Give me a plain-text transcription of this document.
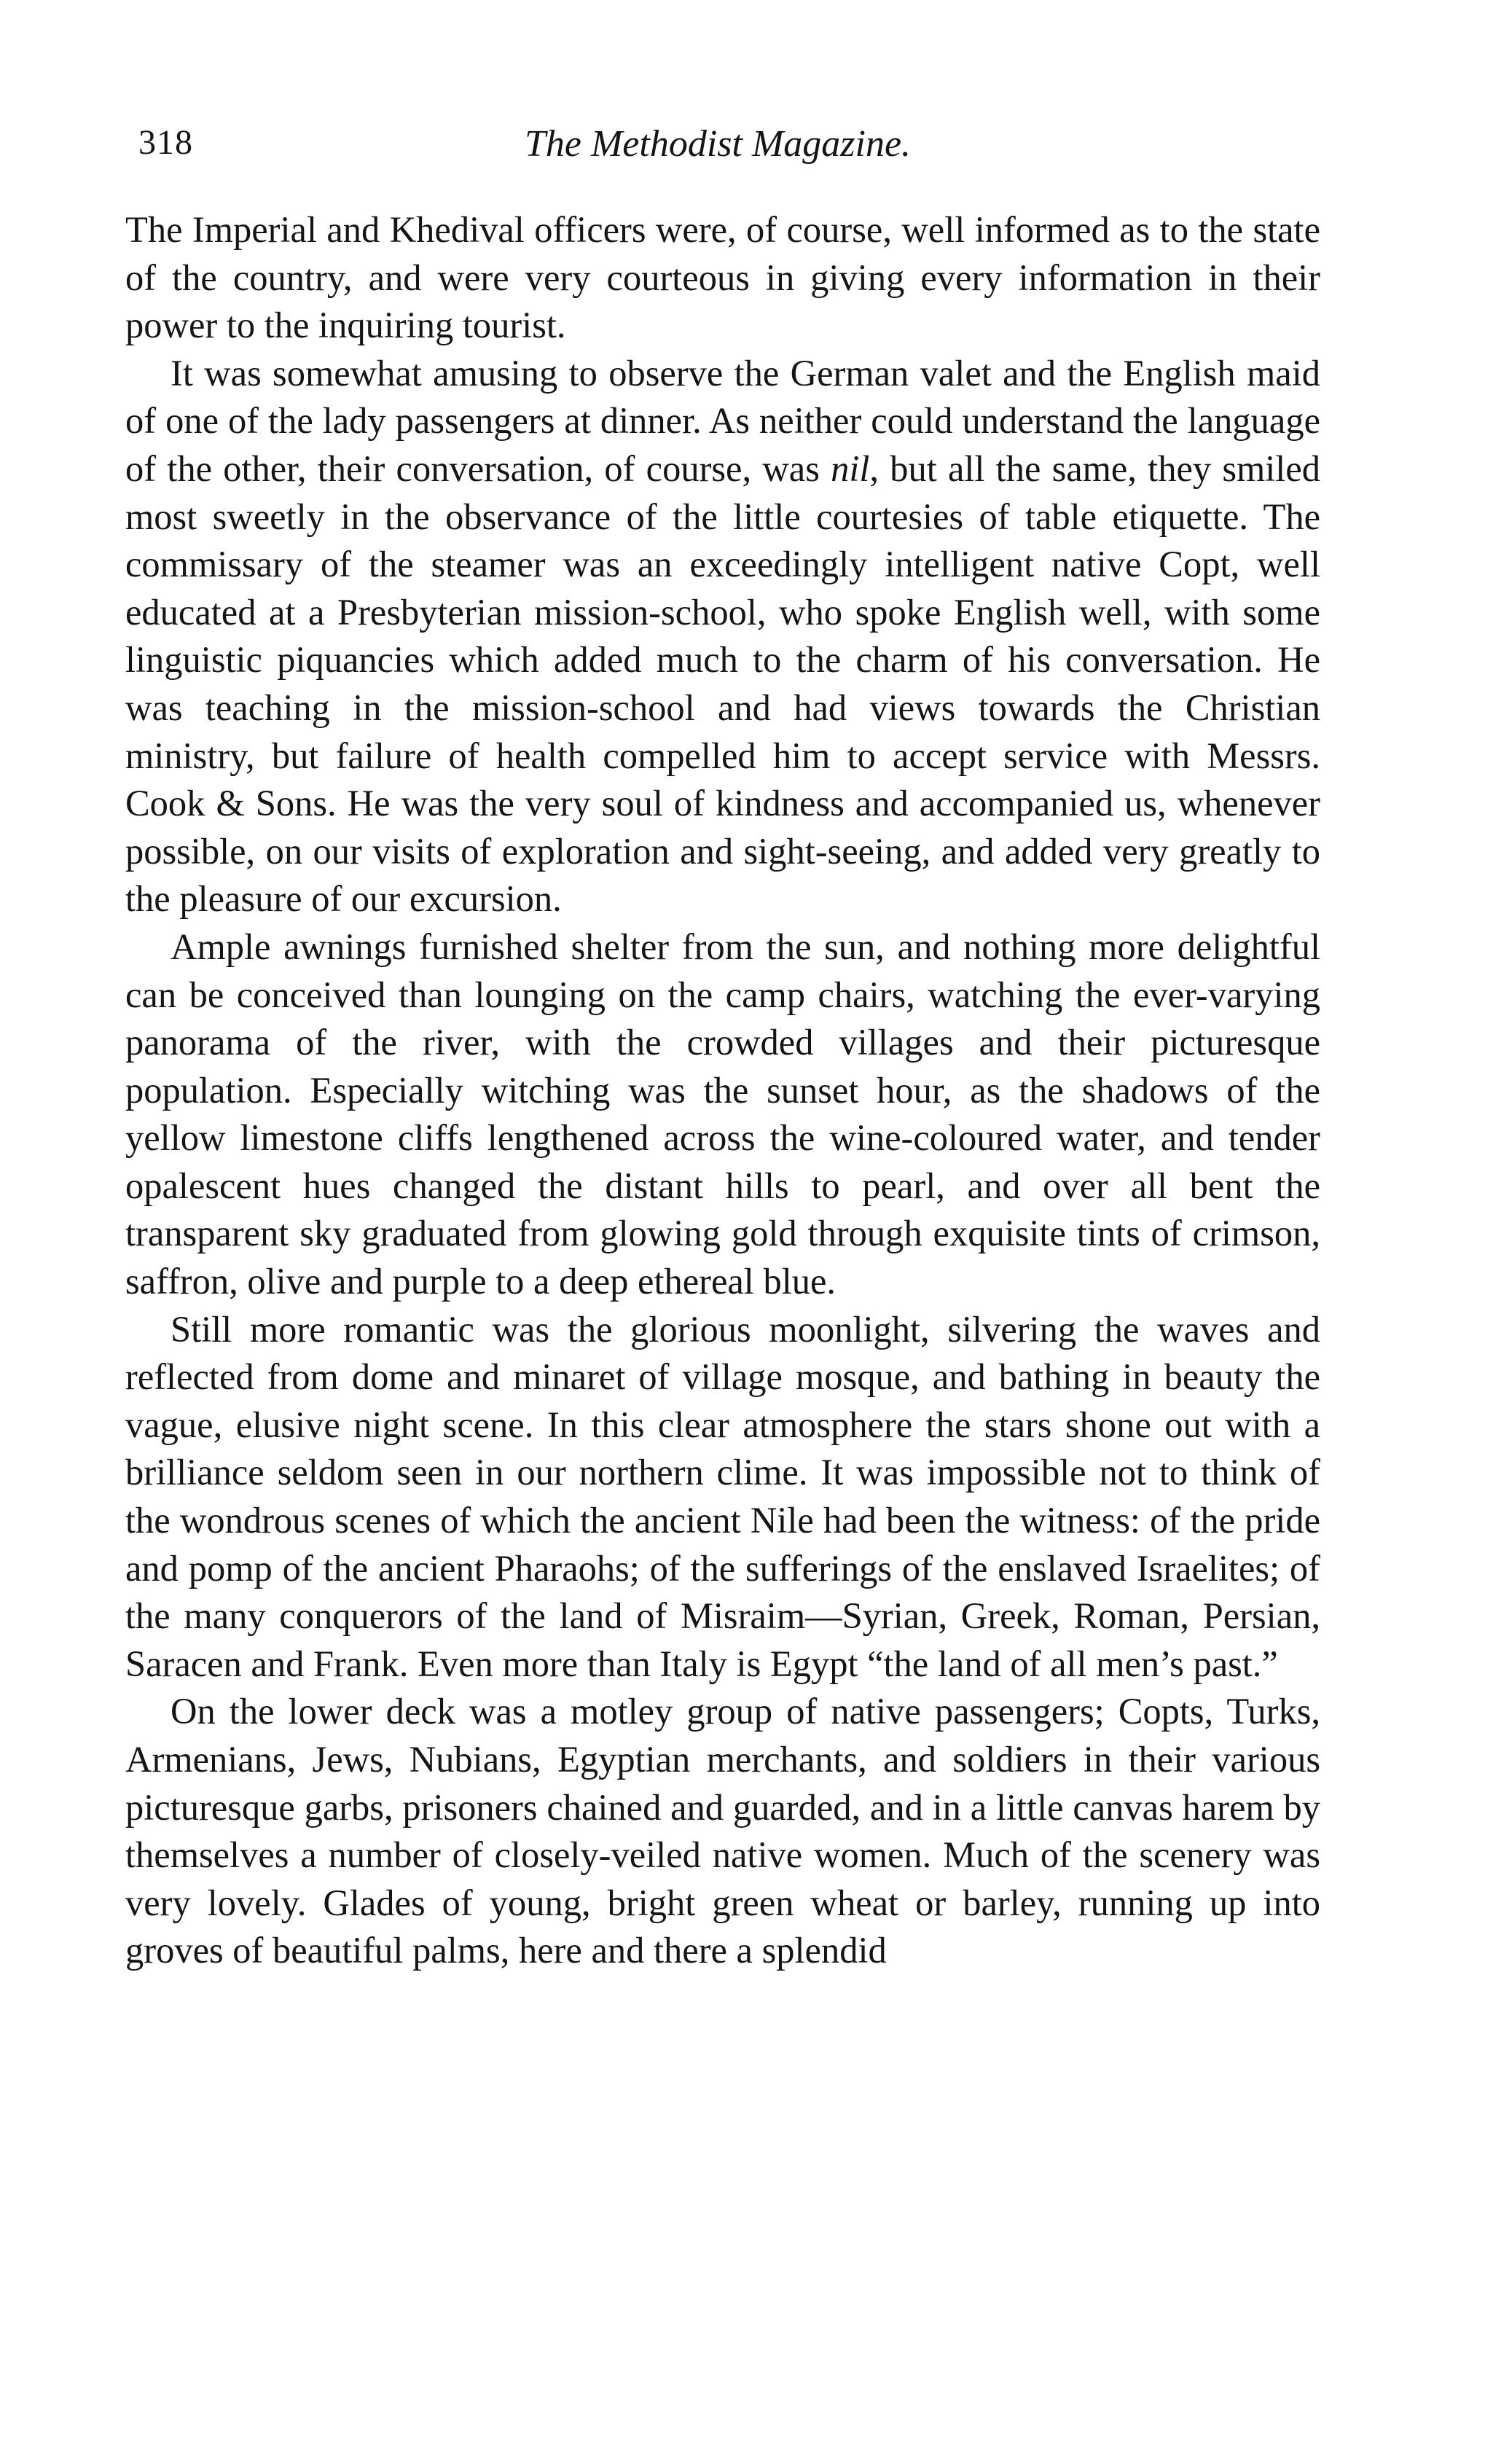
318	The Methodist Magazine.

The Imperial and Khedival officers were, of course, well informed as to the state of the country, and were very courteous in giving every information in their power to the inquiring tourist.

It was somewhat amusing to observe the German valet and the English maid of one of the lady passengers at dinner. As neither could understand the language of the other, their conversation, of course, was nil, but all the same, they smiled most sweetly in the observance of the little courtesies of table etiquette. The commissary of the steamer was an exceedingly intelligent native Copt, well educated at a Presbyterian mission-school, who spoke English well, with some linguistic piquancies which added much to the charm of his conversation. He was teaching in the mission-school and had views towards the Christian ministry, but failure of health compelled him to accept service with Messrs. Cook & Sons. He was the very soul of kindness and accompanied us, whenever possible, on our visits of exploration and sight-seeing, and added very greatly to the pleasure of our excursion.

Ample awnings furnished shelter from the sun, and nothing more delightful can be conceived than lounging on the camp chairs, watching the ever-varying panorama of the river, with the crowded villages and their picturesque population. Especially witching was the sunset hour, as the shadows of the yellow limestone cliffs lengthened across the wine-coloured water, and tender opalescent hues changed the distant hills to pearl, and over all bent the transparent sky graduated from glowing gold through exquisite tints of crimson, saffron, olive and purple to a deep ethereal blue.

Still more romantic was the glorious moonlight, silvering the waves and reflected from dome and minaret of village mosque, and bathing in beauty the vague, elusive night scene. In this clear atmosphere the stars shone out with a brilliance seldom seen in our northern clime. It was impossible not to think of the wondrous scenes of which the ancient Nile had been the witness: of the pride and pomp of the ancient Pharaohs; of the sufferings of the enslaved Israelites; of the many conquerors of the land of Misraim—Syrian, Greek, Roman, Persian, Saracen and Frank. Even more than Italy is Egypt “the land of all men’s past.”

On the lower deck was a motley group of native passengers; Copts, Turks, Armenians, Jews, Nubians, Egyptian merchants, and soldiers in their various picturesque garbs, prisoners chained and guarded, and in a little canvas harem by themselves a number of closely-veiled native women. Much of the scenery was very lovely. Glades of young, bright green wheat or barley, running up into groves of beautiful palms, here and there a splendid
